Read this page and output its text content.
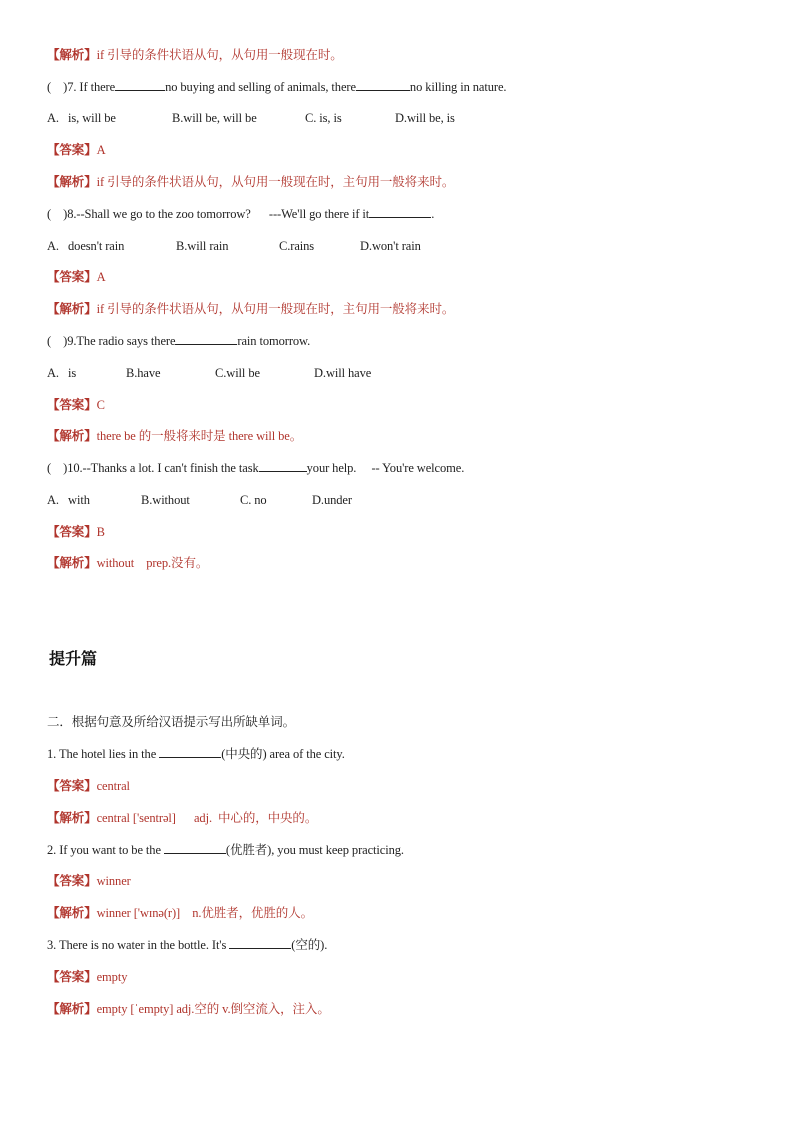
【解析】if 引导的条件状语从句，从句用一般现在时。
(    )7. If there	no buying and selling of animals, there	no killing in nature.

A.   is, will be

	B.will be, will be

	C. is, is

	D.will be, is

【答案】A
【解析】if 引导的条件状语从句，从句用一般现在时，主句用一般将来时。
(    )8.--Shall we go to the zoo tomorrow?      ---We'll go there if it	.

A.   doesn't rain

	B.will rain

	C.rains

	D.won't rain

【答案】A
【解析】if 引导的条件状语从句，从句用一般现在时，主句用一般将来时。
(    )9.The radio says there	rain tomorrow.

A.   is

	B.have

	C.will be

	D.will have

【答案】C
【解析】there be 的一般将来时是 there will be。
(    )10.--Thanks a lot. I can't finish the task	your help.     -- You're welcome.

A.   with

	B.without

	C. no

	D.under

【答案】B
【解析】without    prep.没有。
提升篇
二．根据句意及所给汉语提示写出所缺单词。
1. The hotel lies in the	(中央的) area of the city.
【答案】central
【解析】central ['sentrəl]      adj.  中心的，中央的。
2. If you want to be the	(优胜者), you must keep practicing.
【答案】winner
【解析】winner ['wɪnə(r)]    n.优胜者，优胜的人。
3. There is no water in the bottle. It's	(空的).
【答案】empty
【解析】empty [ˈempty] adj.空的 v.倒空流入，注入。
